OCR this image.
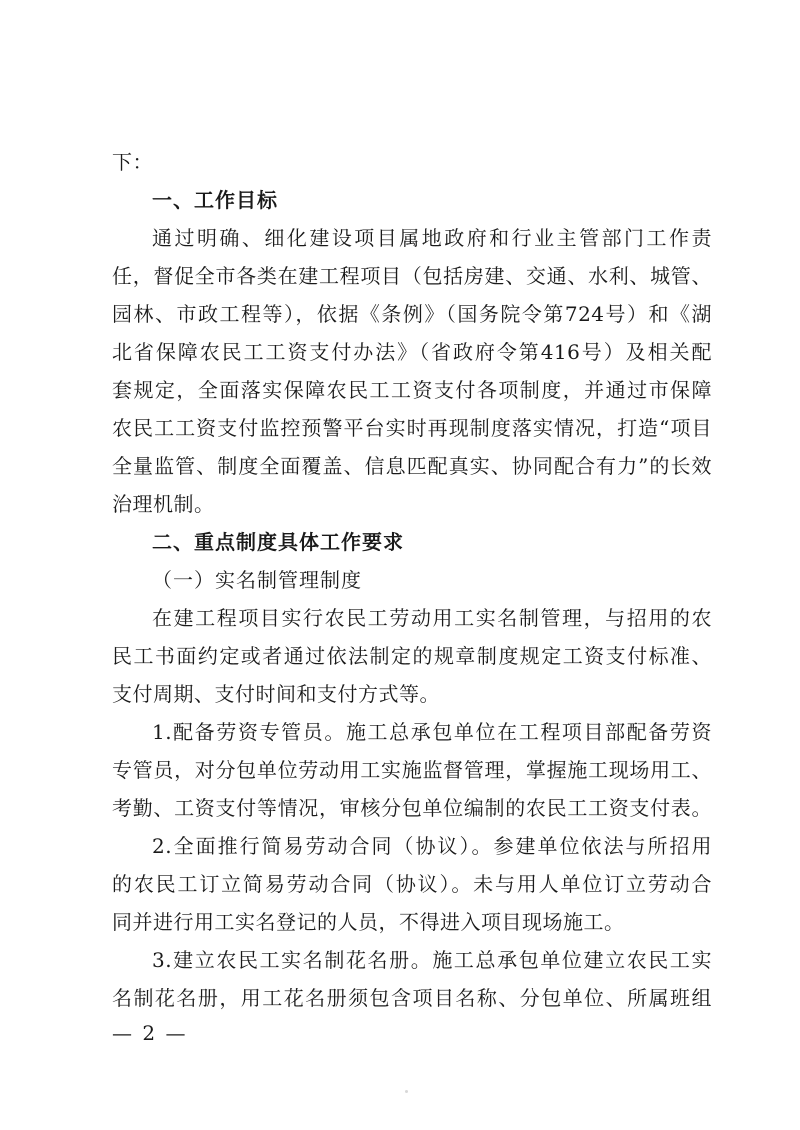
下：
一、工作目标
通过明确、细化建设项目属地政府和行业主管部门工作责
任，督促全市各类在建工程项目（包括房建、交通、水利、城管、
园林、市政工程等），依据《条例》（国务院令第724号）和《湖
北省保障农民工工资支付办法》（省政府令第416号）及相关配
套规定，全面落实保障农民工工资支付各项制度，并通过市保障
农民工工资支付监控预警平台实时再现制度落实情况，打造“项目
全量监管、制度全面覆盖、信息匹配真实、协同配合有力”的长效
治理机制。
二、重点制度具体工作要求
（一）实名制管理制度
在建工程项目实行农民工劳动用工实名制管理，与招用的农
民工书面约定或者通过依法制定的规章制度规定工资支付标准、
支付周期、支付时间和支付方式等。
1.配备劳资专管员。施工总承包单位在工程项目部配备劳资
专管员，对分包单位劳动用工实施监督管理，掌握施工现场用工、
考勤、工资支付等情况，审核分包单位编制的农民工工资支付表。
2.全面推行简易劳动合同（协议）。参建单位依法与所招用
的农民工订立简易劳动合同（协议）。未与用人单位订立劳动合
同并进行用工实名登记的人员，不得进入项目现场施工。
3.建立农民工实名制花名册。施工总承包单位建立农民工实
名制花名册，用工花名册须包含项目名称、分包单位、所属班组
— 2 —
